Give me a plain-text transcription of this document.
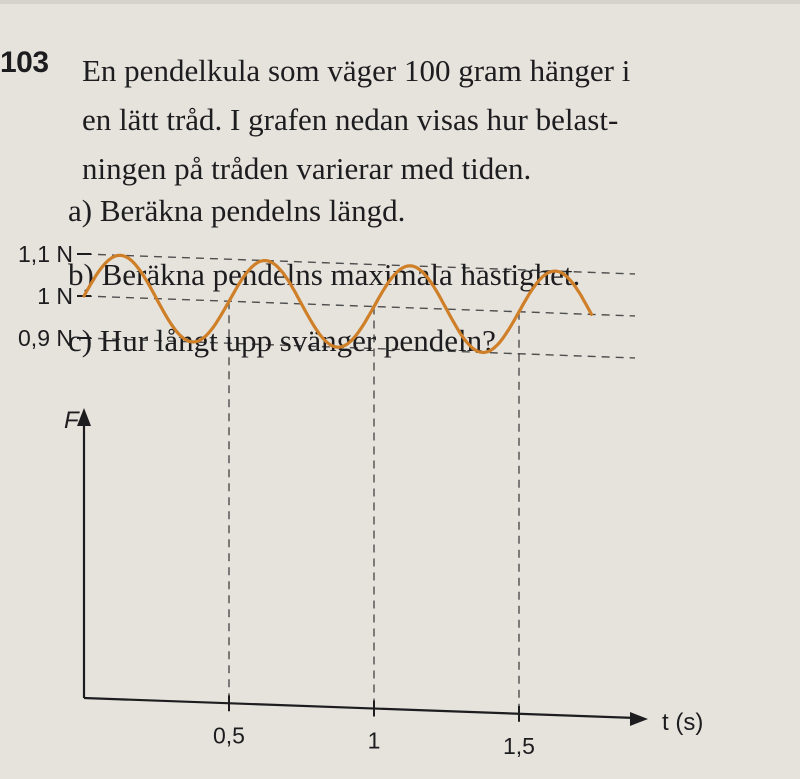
103 En pendelkula som väger 100 gram hänger i
en lätt tråd. I grafen nedan visas hur belast-
ningen på tråden varierar med tiden.

a) Beräkna pendelns längd.

b) Beräkna pendelns maximala hastighet.

c) Hur långt upp svänger pendeln?

F
t (s)
1,1 N
1 N
0,9 N
0,5	1	1,5
